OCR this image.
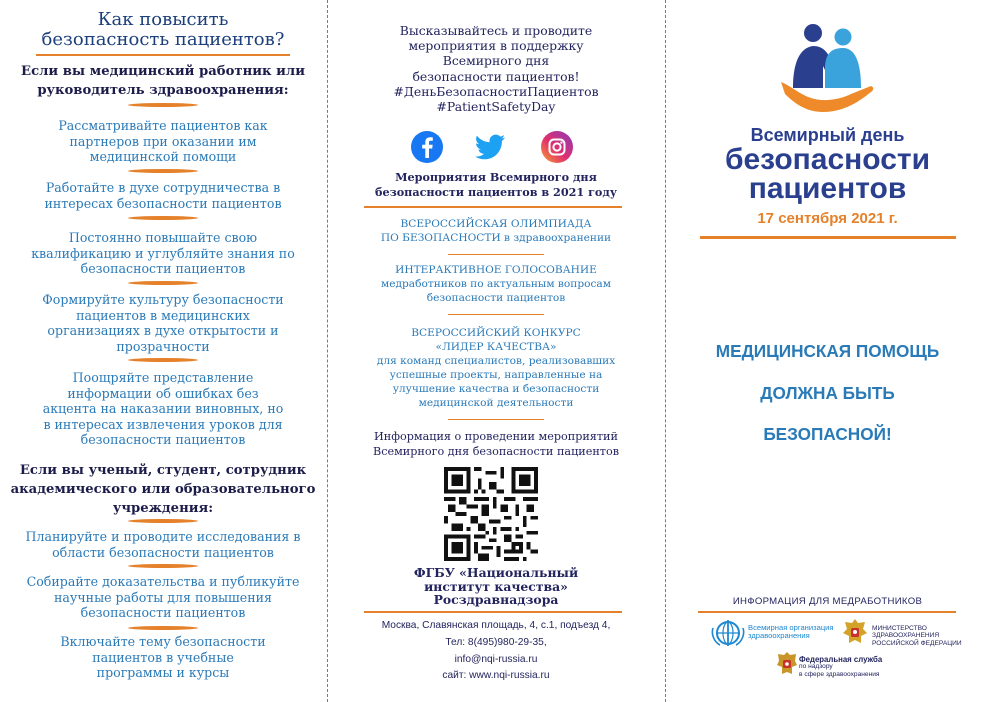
Как повысить
безопасность пациентов?
Если вы медицинский работник или
руководитель здравоохранения:
Рассматривайте пациентов как
партнеров при оказании им
медицинской помощи
Работайте в духе сотрудничества в
интересах безопасности пациентов
Постоянно повышайте свою
квалификацию и углубляйте знания по
безопасности пациентов
Формируйте культуру безопасности
пациентов в медицинских
организациях в духе открытости и
прозрачности
Поощряйте представление
информации об ошибках без
акцента на наказании виновных, но
в интересах извлечения уроков для
безопасности пациентов
Если вы ученый, студент, сотрудник
академического или образовательного
учреждения:
Планируйте и проводите исследования в
области безопасности пациентов
Собирайте доказательства и публикуйте
научные работы для повышения
безопасности пациентов
Включайте тему безопасности
пациентов в учебные
программы и курсы
Высказывайтесь и проводите
мероприятия в поддержку
Всемирного дня
безопасности пациентов!
#ДеньБезопасностиПациентов
#PatientSafetyDay
Мероприятия Всемирного дня
безопасности пациентов в 2021 году
ВСЕРОССИЙСКАЯ ОЛИМПИАДА
ПО БЕЗОПАСНОСТИ в здравоохранении
ИНТЕРАКТИВНОЕ ГОЛОСОВАНИЕ
медработников по актуальным вопросам
безопасности пациентов
ВСЕРОССИЙСКИЙ КОНКУРС
«ЛИДЕР КАЧЕСТВА»
для команд специалистов, реализовавших
успешные проекты, направленные на
улучшение качества и безопасности
медицинской деятельности
Информация о проведении мероприятий
Всемирного дня безопасности пациентов
ФГБУ «Национальный
институт качества»
Росздравнадзора
Москва, Славянская площадь, 4, с.1, подъезд 4,
Тел: 8(495)980-29-35,
info@nqi-russia.ru
сайт: www.nqi-russia.ru
Всемирный день
безопасности
пациентов
17 сентября 2021 г.
МЕДИЦИНСКАЯ ПОМОЩЬ
ДОЛЖНА БЫТЬ
БЕЗОПАСНОЙ!
ИНФОРМАЦИЯ ДЛЯ МЕДРАБОТНИКОВ
Всемирная организация
здравоохранения
МИНИСТЕРСТВО
ЗДРАВООХРАНЕНИЯ
РОССИЙСКОЙ ФЕДЕРАЦИИ
Федеральная служба
по надзору
в сфере здравоохранения
